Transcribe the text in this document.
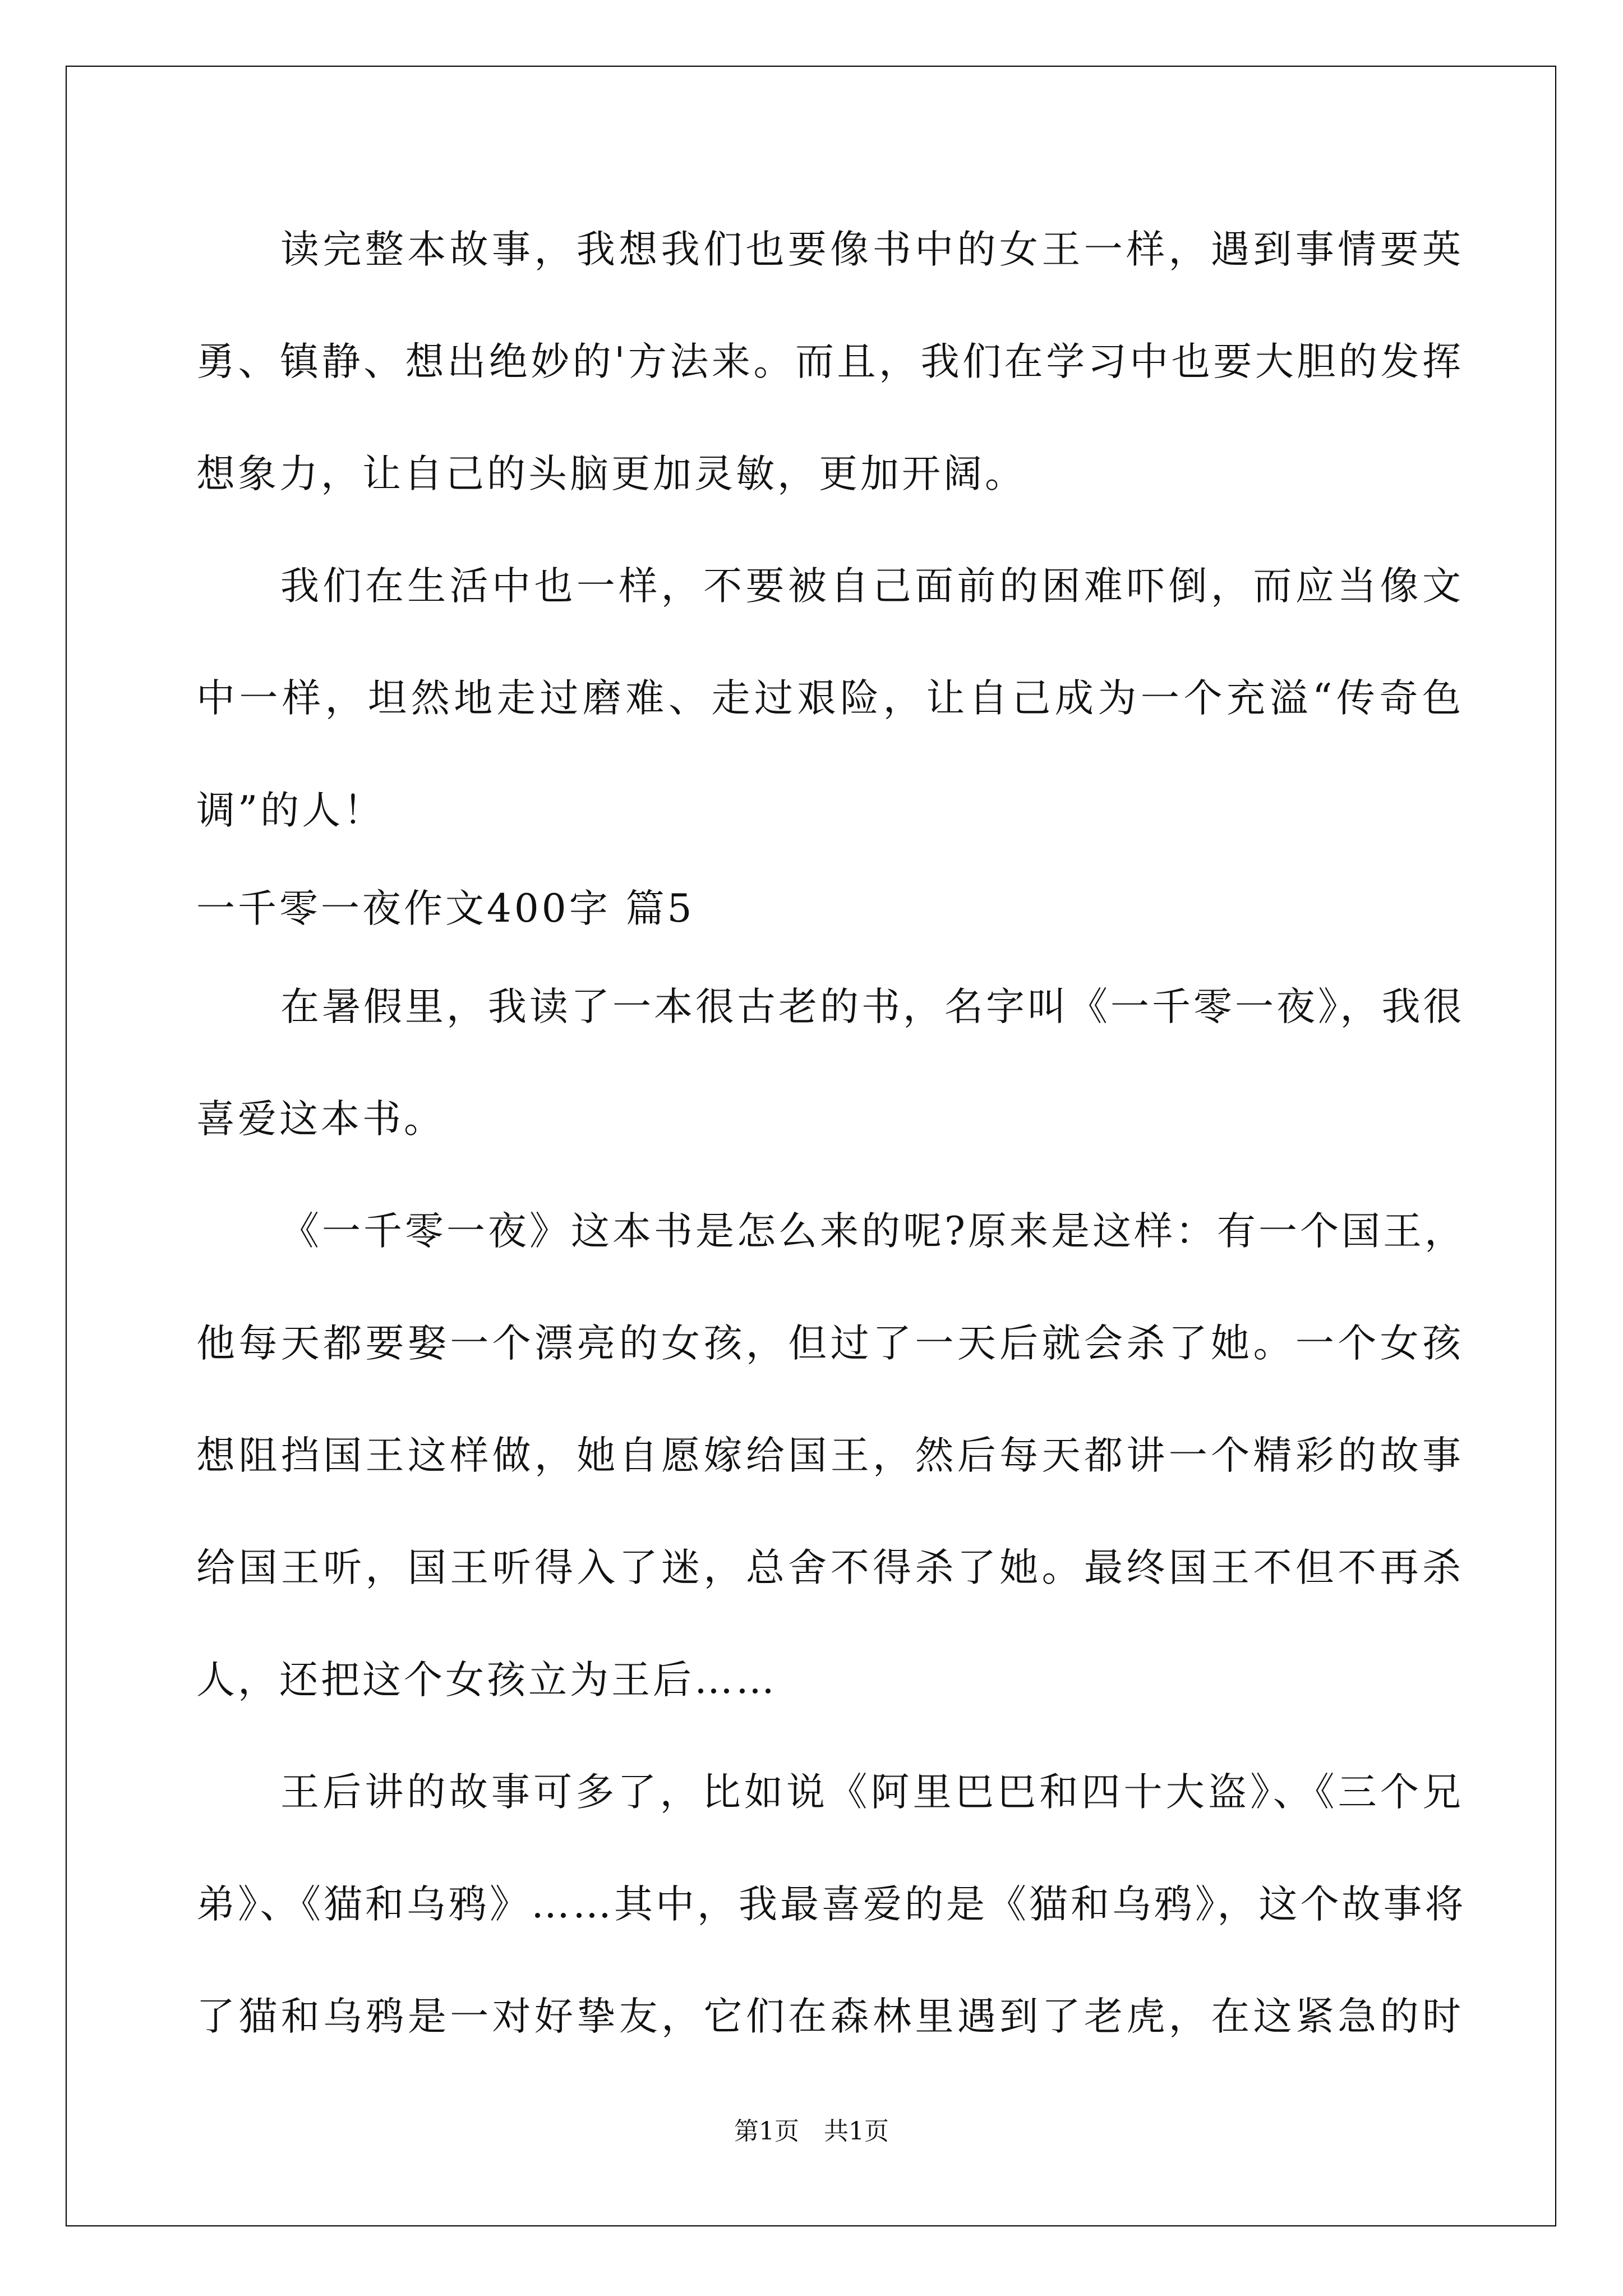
读完整本故事，我想我们也要像书中的女王一样，遇到事情要英
勇、镇静、想出绝妙的'方法来。而且，我们在学习中也要大胆的发挥
想象力，让自己的头脑更加灵敏，更加开阔。
我们在生活中也一样，不要被自己面前的困难吓倒，而应当像文
中一样，坦然地走过磨难、走过艰险，让自己成为一个充溢“传奇色
调”的人！
一千零一夜作文400字 篇5
在暑假里，我读了一本很古老的书，名字叫《一千零一夜》，我很
喜爱这本书。
《一千零一夜》这本书是怎么来的呢?原来是这样：有一个国王，
他每天都要娶一个漂亮的女孩，但过了一天后就会杀了她。一个女孩
想阻挡国王这样做，她自愿嫁给国王，然后每天都讲一个精彩的故事
给国王听，国王听得入了迷，总舍不得杀了她。最终国王不但不再杀
人，还把这个女孩立为王后……
王后讲的故事可多了，比如说《阿里巴巴和四十大盗》、《三个兄
弟》、《猫和乌鸦》……其中，我最喜爱的是《猫和乌鸦》，这个故事将
了猫和乌鸦是一对好挚友，它们在森林里遇到了老虎，在这紧急的时
第1页　共1页
